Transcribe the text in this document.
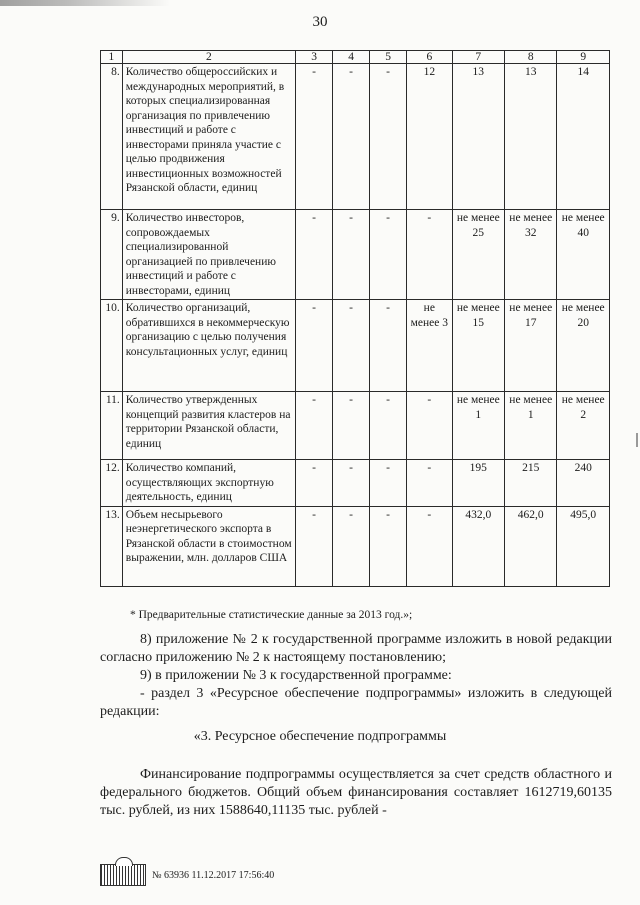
30
1	2	3	4	5	6	7	8	9
8.	Количество общероссийских и международных мероприятий, в которых специализированная организация по привлечению инвестиций и работе с инвесторами приняла участие с целью продвижения инвестиционных возможностей Рязанской области, единиц	-	-	-	12	13	13	14
9.	Количество инвесторов, сопровождаемых специализированной организацией по привлечению инвестиций и работе с инвесторами, единиц	-	-	-	-	не менее 25	не менее 32	не менее 40
10.	Количество организаций, обратившихся в некоммерческую организацию с целью получения консультационных услуг, единиц	-	-	-	не менее 3	не менее 15	не менее 17	не менее 20
11.	Количество утвержденных концепций развития кластеров на территории Рязанской области, единиц	-	-	-	-	не менее 1	не менее 1	не менее 2
12.	Количество компаний, осуществляющих экспортную деятельность, единиц	-	-	-	-	195	215	240
13.	Объем несырьевого неэнергетического экспорта в Рязанской области в стоимостном выражении, млн. долларов США	-	-	-	-	432,0	462,0	495,0

* Предварительные статистические данные за 2013 год.»;

8) приложение № 2 к государственной программе изложить в новой редакции согласно приложению № 2 к настоящему постановлению;

9) в приложении № 3 к государственной программе:

- раздел 3 «Ресурсное обеспечение подпрограммы» изложить в следующей редакции:

«3. Ресурсное обеспечение подпрограммы

Финансирование подпрограммы осуществляется за счет средств областного и федерального бюджетов. Общий объем финансирования составляет 1612719,60135 тыс. рублей, из них 1588640,11135 тыс. рублей -

№ 63936 11.12.2017 17:56:40
